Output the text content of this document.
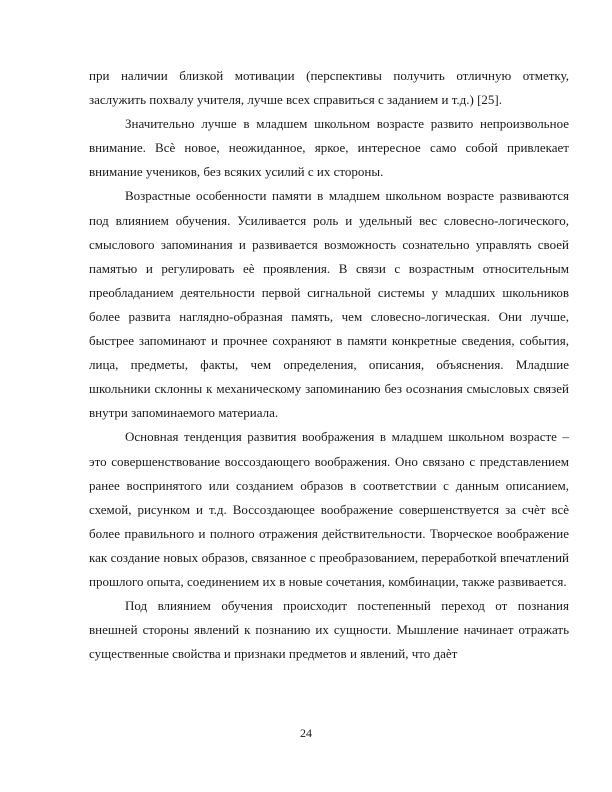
при наличии близкой мотивации (перспективы получить отличную отметку, заслужить похвалу учителя, лучше всех справиться с заданием и т.д.) [25].

Значительно лучше в младшем школьном возрасте развито непроизвольное внимание. Всѐ новое, неожиданное, яркое, интересное само собой привлекает внимание учеников, без всяких усилий с их стороны.

Возрастные особенности памяти в младшем школьном возрасте развиваются под влиянием обучения. Усиливается роль и удельный вес словесно-логического, смыслового запоминания и развивается возможность сознательно управлять своей памятью и регулировать еѐ проявления. В связи с возрастным относительным преобладанием деятельности первой сигнальной системы у младших школьников более развита наглядно-образная память, чем словесно-логическая. Они лучше, быстрее запоминают и прочнее сохраняют в памяти конкретные сведения, события, лица, предметы, факты, чем определения, описания, объяснения. Младшие школьники склонны к механическому запоминанию без осознания смысловых связей внутри запоминаемого материала.

Основная тенденция развития воображения в младшем школьном возрасте – это совершенствование воссоздающего воображения. Оно связано с представлением ранее воспринятого или созданием образов в соответствии с данным описанием, схемой, рисунком и т.д. Воссоздающее воображение совершенствуется за счѐт всѐ более правильного и полного отражения действительности. Творческое воображение как создание новых образов, связанное с преобразованием, переработкой впечатлений прошлого опыта, соединением их в новые сочетания, комбинации, также развивается.

Под влиянием обучения происходит постепенный переход от познания внешней стороны явлений к познанию их сущности. Мышление начинает отражать существенные свойства и признаки предметов и явлений, что даѐт

24
